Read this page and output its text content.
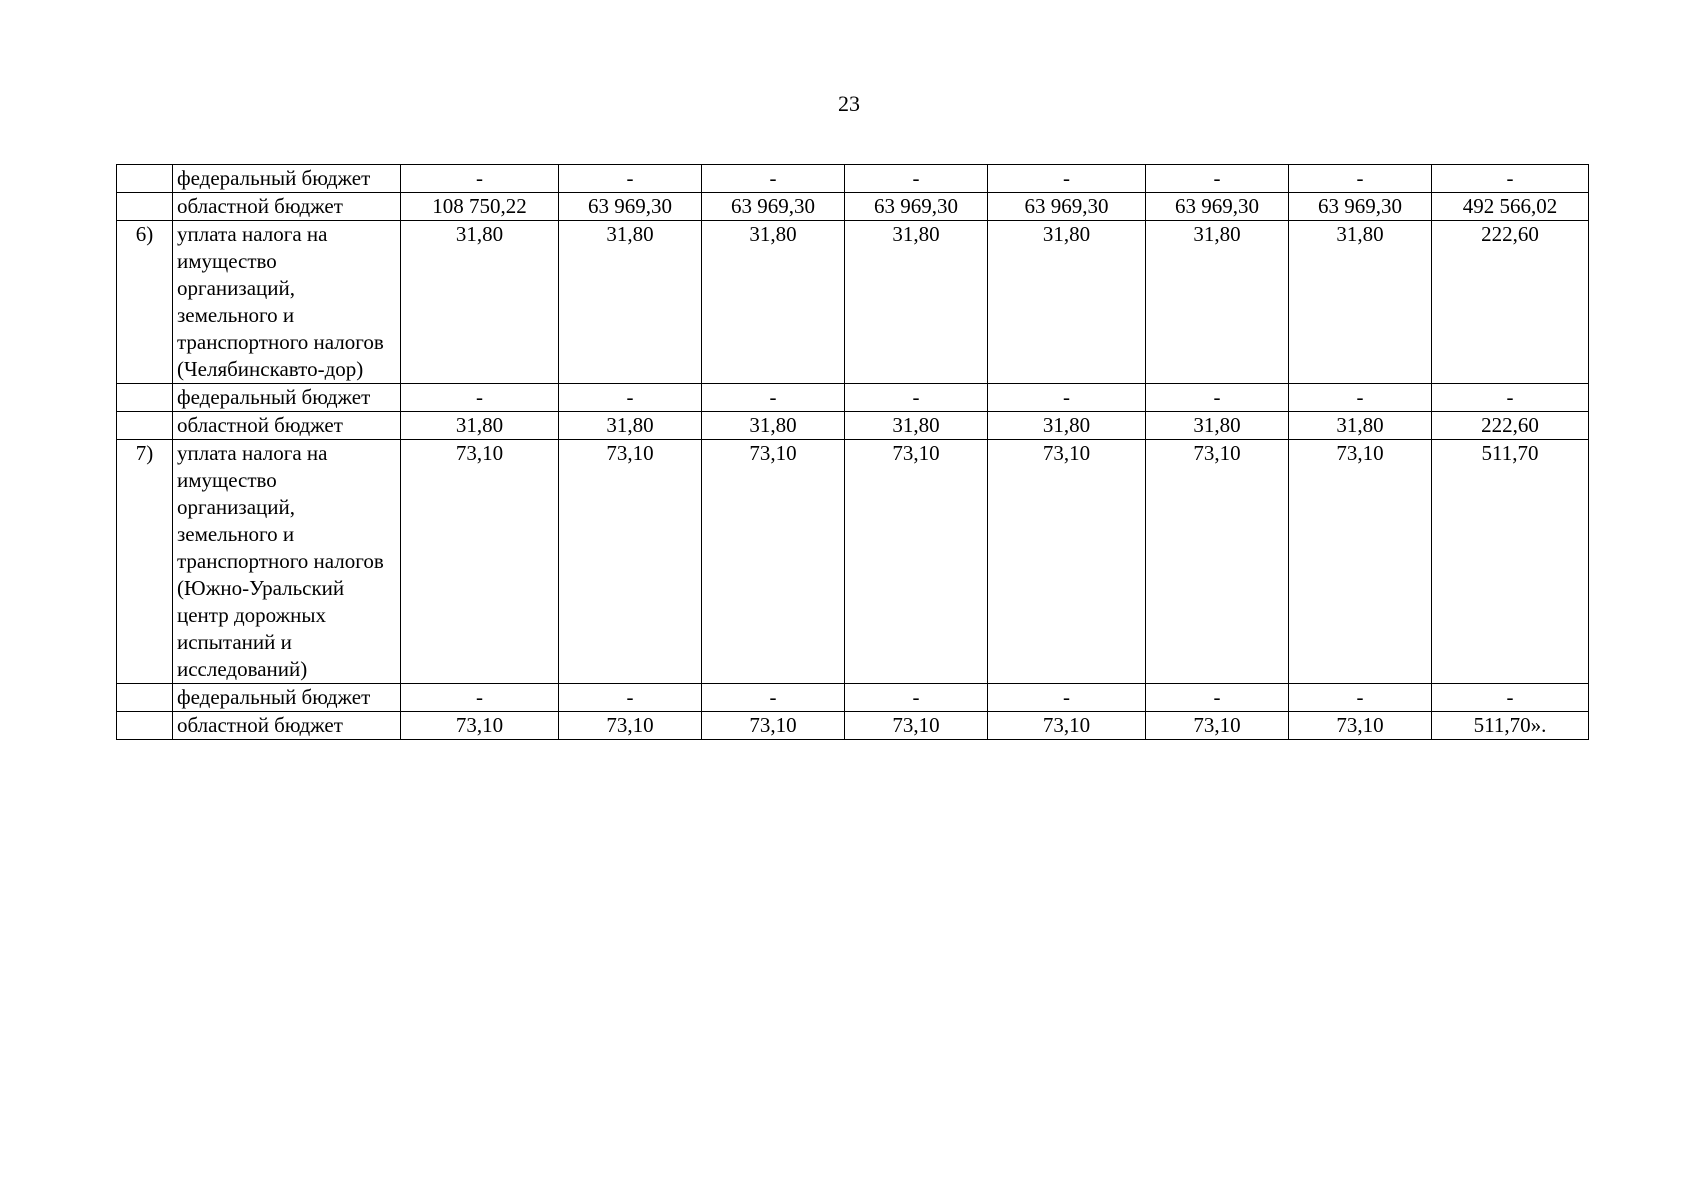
23
	федеральный бюджет	-	-	-	-	-	-	-	-
	областной бюджет	108 750,22	63 969,30	63 969,30	63 969,30	63 969,30	63 969,30	63 969,30	492 566,02
6)	уплата налога на имущество организаций, земельного и транспортного налогов (Челябинскавто-дор)	31,80	31,80	31,80	31,80	31,80	31,80	31,80	222,60
	федеральный бюджет	-	-	-	-	-	-	-	-
	областной бюджет	31,80	31,80	31,80	31,80	31,80	31,80	31,80	222,60
7)	уплата налога на имущество организаций, земельного и транспортного налогов (Южно-Уральский центр дорожных испытаний и исследований)	73,10	73,10	73,10	73,10	73,10	73,10	73,10	511,70
	федеральный бюджет	-	-	-	-	-	-	-	-
	областной бюджет	73,10	73,10	73,10	73,10	73,10	73,10	73,10	511,70».
